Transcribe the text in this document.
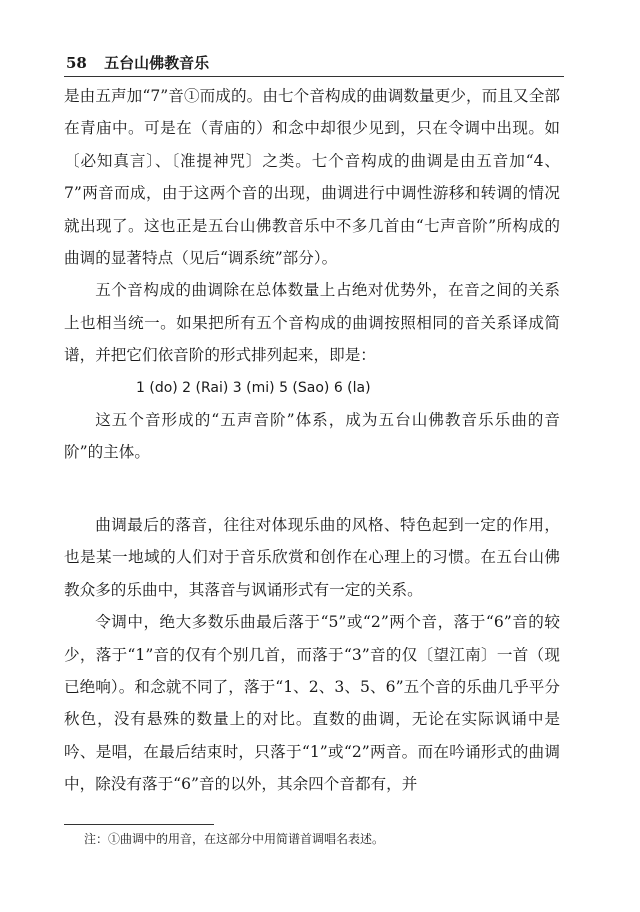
58 五台山佛教音乐

是由五声加“7”音①而成的。由七个音构成的曲调数量更少，而且又全部在青庙中。可是在（青庙的）和念中却很少见到，只在令调中出现。如〔必知真言〕、〔准提神咒〕之类。七个音构成的曲调是由五音加“4、7”两音而成，由于这两个音的出现，曲调进行中调性游移和转调的情况就出现了。这也正是五台山佛教音乐中不多几首由“七声音阶”所构成的曲调的显著特点（见后“调系统”部分）。

五个音构成的曲调除在总体数量上占绝对优势外，在音之间的关系上也相当统一。如果把所有五个音构成的曲调按照相同的音关系译成简谱，并把它们依音阶的形式排列起来，即是：

1 (do) 2 (Rai) 3 (mi) 5 (Sao) 6 (la)

这五个音形成的“五声音阶”体系，成为五台山佛教音乐乐曲的音阶”的主体。

曲调最后的落音，往往对体现乐曲的风格、特色起到一定的作用，也是某一地域的人们对于音乐欣赏和创作在心理上的习惯。在五台山佛教众多的乐曲中，其落音与讽诵形式有一定的关系。

令调中，绝大多数乐曲最后落于“5”或“2”两个音，落于“6”音的较少，落于“1”音的仅有个别几首，而落于“3”音的仅〔望江南〕一首（现已绝响）。和念就不同了，落于“1、2、3、5、6”五个音的乐曲几乎平分秋色，没有悬殊的数量上的对比。直数的曲调，无论在实际讽诵中是吟、是唱，在最后结束时，只落于“1”或“2”两音。而在吟诵形式的曲调中，除没有落于“6”音的以外，其余四个音都有，并

注：①曲调中的用音，在这部分中用简谱首调唱名表述。
